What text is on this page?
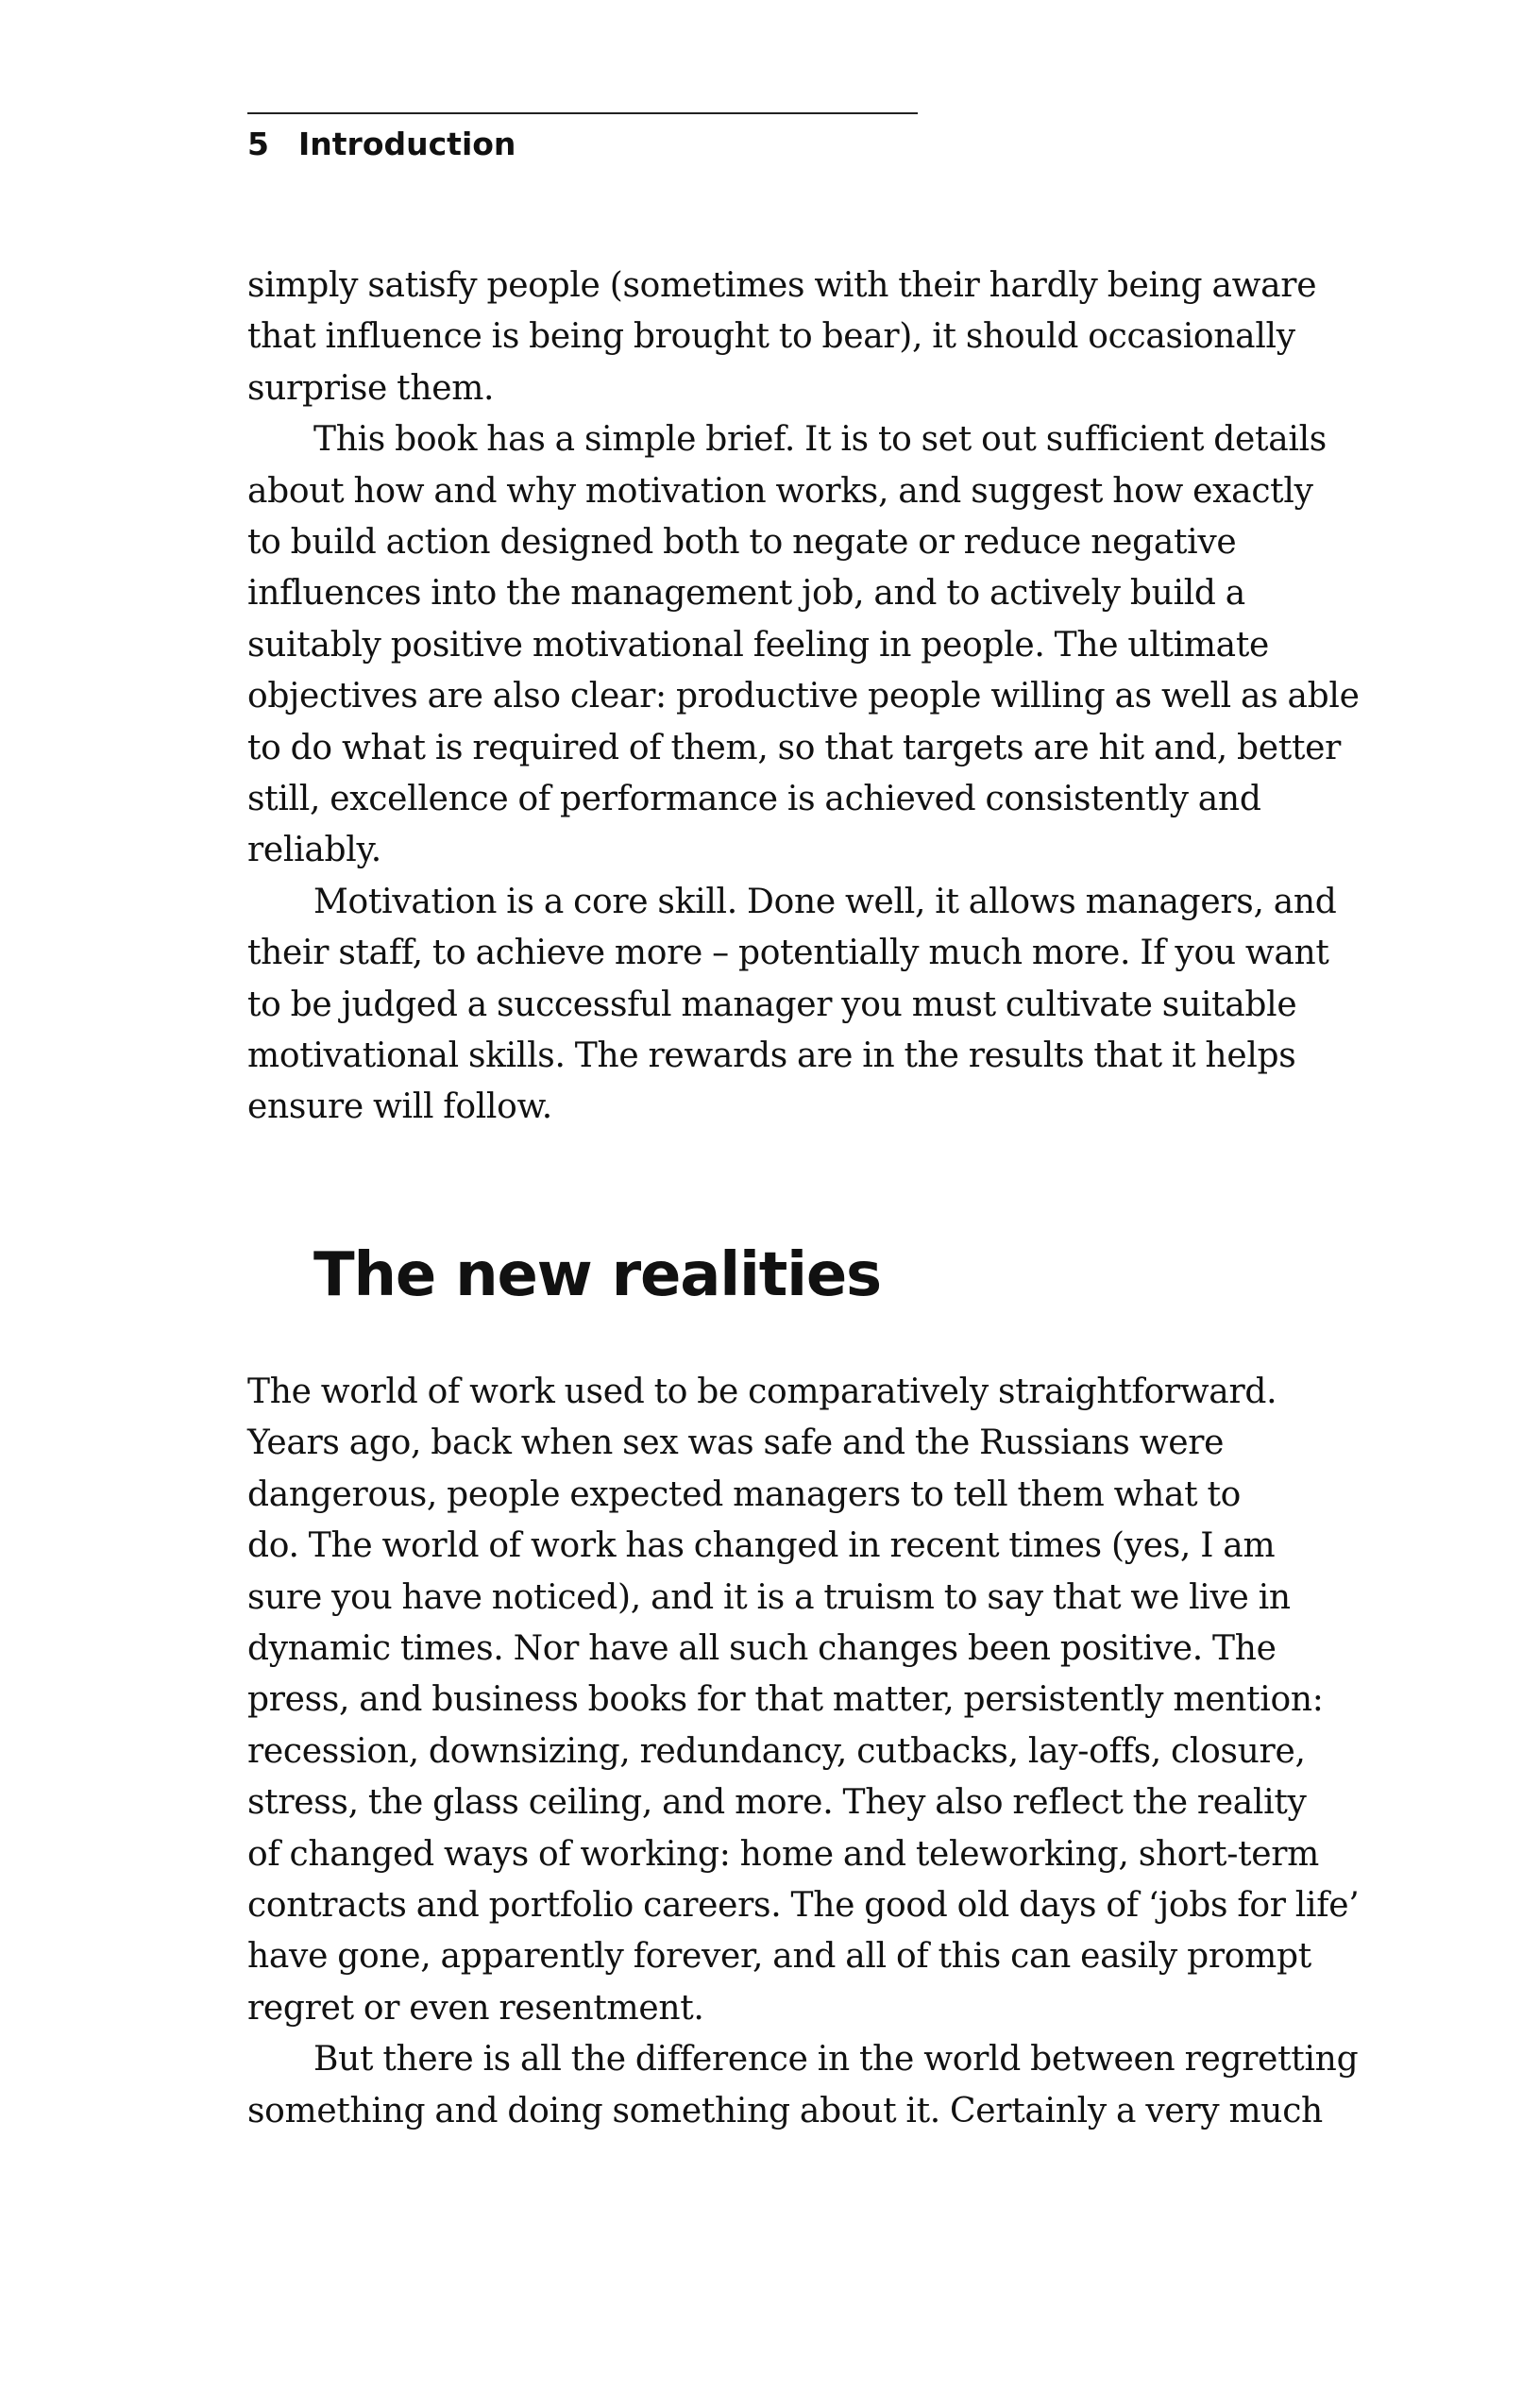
5 Introduction
simply satisfy people (sometimes with their hardly being aware
that influence is being brought to bear), it should occasionally
surprise them.
This book has a simple brief. It is to set out sufficient details
about how and why motivation works, and suggest how exactly
to build action designed both to negate or reduce negative
influences into the management job, and to actively build a
suitably positive motivational feeling in people. The ultimate
objectives are also clear: productive people willing as well as able
to do what is required of them, so that targets are hit and, better
still, excellence of performance is achieved consistently and
reliably.
Motivation is a core skill. Done well, it allows managers, and
their staff, to achieve more – potentially much more. If you want
to be judged a successful manager you must cultivate suitable
motivational skills. The rewards are in the results that it helps
ensure will follow.
The new realities
The world of work used to be comparatively straightforward.
Years ago, back when sex was safe and the Russians were
dangerous, people expected managers to tell them what to
do. The world of work has changed in recent times (yes, I am
sure you have noticed), and it is a truism to say that we live in
dynamic times. Nor have all such changes been positive. The
press, and business books for that matter, persistently mention:
recession, downsizing, redundancy, cutbacks, lay-offs, closure,
stress, the glass ceiling, and more. They also reflect the reality
of changed ways of working: home and teleworking, short-term
contracts and portfolio careers. The good old days of ‘jobs for life’
have gone, apparently forever, and all of this can easily prompt
regret or even resentment.
But there is all the difference in the world between regretting
something and doing something about it. Certainly a very much
